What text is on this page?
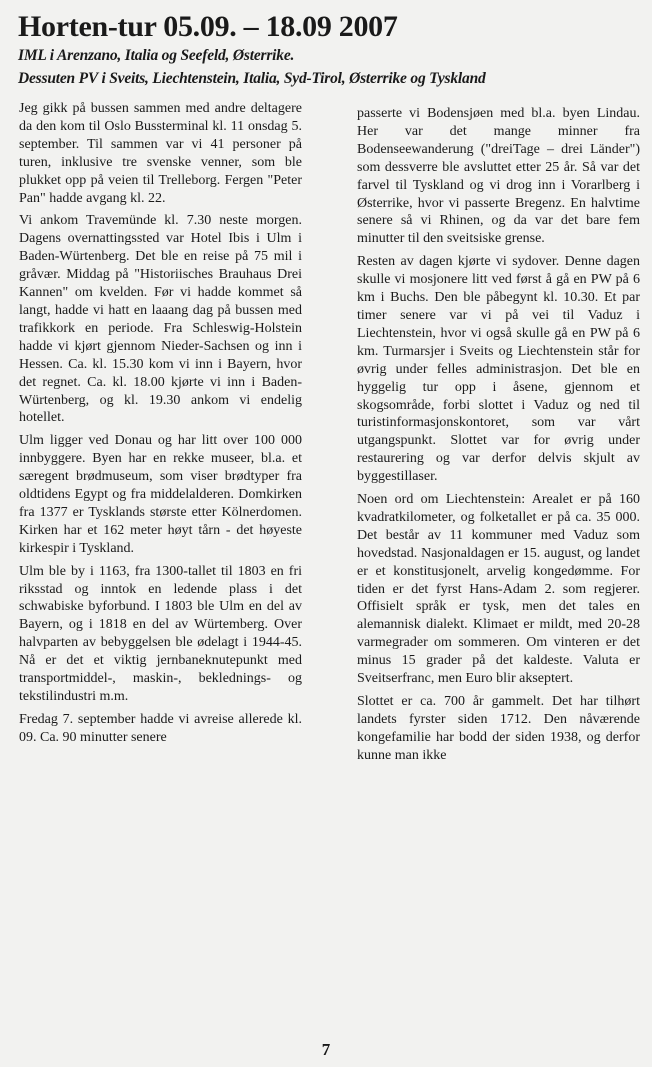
Horten-tur 05.09. – 18.09 2007
IML i Arenzano, Italia og Seefeld, Østerrike.
Dessuten PV i Sveits, Liechtenstein, Italia, Syd-Tirol, Østerrike og Tyskland

Jeg gikk på bussen sammen med andre deltagere da den kom til Oslo Bussterminal kl. 11 onsdag 5. september. Til sammen var vi 41 personer på turen, inklusive tre svenske venner, som ble plukket opp på veien til Trelleborg. Fergen "Peter Pan" hadde avgang kl. 22.

Vi ankom Travemünde kl. 7.30 neste morgen. Dagens overnattingssted var Hotel Ibis i Ulm i Baden-Würtenberg. Det ble en reise på 75 mil i gråvær. Middag på "Historiisches Brauhaus Drei Kannen" om kvelden. Før vi hadde kommet så langt, hadde vi hatt en laaang dag på bussen med trafikkork en periode. Fra Schleswig-Holstein hadde vi kjørt gjennom Nieder-Sachsen og inn i Hessen. Ca. kl. 15.30 kom vi inn i Bayern, hvor det regnet. Ca. kl. 18.00 kjørte vi inn i Baden-Würtenberg, og kl. 19.30 ankom vi endelig hotellet.

Ulm ligger ved Donau og har litt over 100 000 innbyggere. Byen har en rekke museer, bl.a. et særegent brødmuseum, som viser brødtyper fra oldtidens Egypt og fra middelalderen. Domkirken fra 1377 er Tysklands største etter Kölnerdomen. Kirken har et 162 meter høyt tårn - det høyeste kirkespir i Tyskland.

Ulm ble by i 1163, fra 1300-tallet til 1803 en fri riksstad og inntok en ledende plass i det schwabiske byforbund. I 1803 ble Ulm en del av Bayern, og i 1818 en del av Würtemberg. Over halvparten av bebyggelsen ble ødelagt i 1944-45. Nå er det et viktig jernbaneknutepunkt med transportmiddel-, maskin-, beklednings- og tekstilindustri m.m.

Fredag 7. september hadde vi avreise allerede kl. 09. Ca. 90 minutter senere

passerte vi Bodensjøen med bl.a. byen Lindau. Her var det mange minner fra Bodenseewanderung ("dreiTage – drei Länder") som dessverre ble avsluttet etter 25 år. Så var det farvel til Tyskland og vi drog inn i Vorarlberg i Østerrike, hvor vi passerte Bregenz. En halvtime senere så vi Rhinen, og da var det bare fem minutter til den sveitsiske grense.

Resten av dagen kjørte vi sydover. Denne dagen skulle vi mosjonere litt ved først å gå en PW på 6 km i Buchs. Den ble påbegynt kl. 10.30. Et par timer senere var vi på vei til Vaduz i Liechtenstein, hvor vi også skulle gå en PW på 6 km. Turmarsjer i Sveits og Liechtenstein står for øvrig under felles administrasjon. Det ble en hyggelig tur opp i åsene, gjennom et skogsområde, forbi slottet i Vaduz og ned til turistinformasjonskontoret, som var vårt utgangspunkt. Slottet var for øvrig under restaurering og var derfor delvis skjult av byggestillaser.

Noen ord om Liechtenstein: Arealet er på 160 kvadratkilometer, og folketallet er på ca. 35 000. Det består av 11 kommuner med Vaduz som hovedstad. Nasjonaldagen er 15. august, og landet er et konstitusjonelt, arvelig kongedømme. For tiden er det fyrst Hans-Adam 2. som regjerer. Offisielt språk er tysk, men det tales en alemannisk dialekt. Klimaet er mildt, med 20-28 varmegrader om sommeren. Om vinteren er det minus 15 grader på det kaldeste. Valuta er Sveitserfranc, men Euro blir akseptert.

Slottet er ca. 700 år gammelt. Det har tilhørt landets fyrster siden 1712. Den nåværende kongefamilie har bodd der siden 1938, og derfor kunne man ikke

7
